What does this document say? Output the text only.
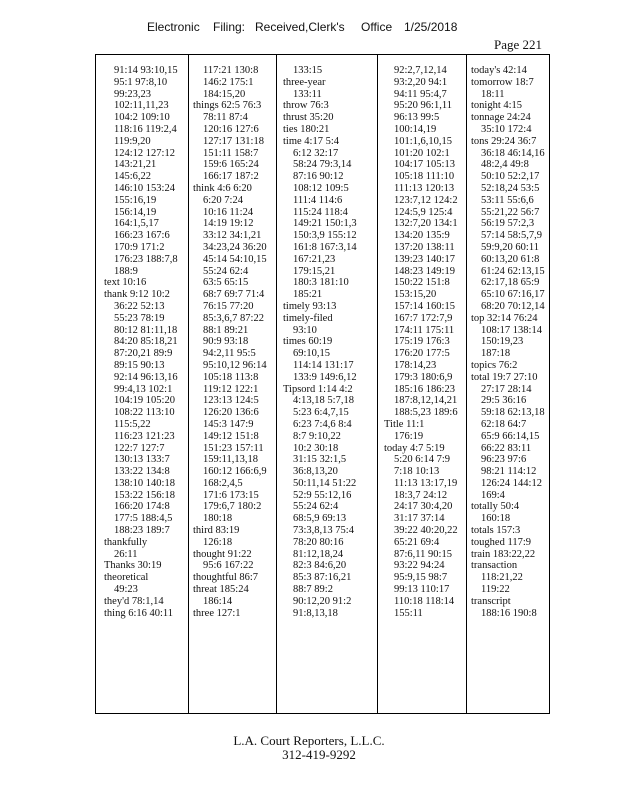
Electronic Filing: Received,Clerk's Office 1/25/2018
Page 221
91:14 93:10,15
95:1 97:8,10
99:23,23
102:11,11,23
104:2 109:10
118:16 119:2,4
119:9,20
124:12 127:12
143:21,21
145:6,22
146:10 153:24
155:16,19
156:14,19
164:1,5,17
166:23 167:6
170:9 171:2
176:23 188:7,8
188:9
text 10:16
thank 9:12 10:2
36:22 52:13
55:23 78:19
80:12 81:11,18
84:20 85:18,21
87:20,21 89:9
89:15 90:13
92:14 96:13,16
99:4,13 102:1
104:19 105:20
108:22 113:10
115:5,22
116:23 121:23
122:7 127:7
130:13 133:7
133:22 134:8
138:10 140:18
153:22 156:18
166:20 174:8
177:5 188:4,5
188:23 189:7
thankfully
26:11
Thanks 30:19
theoretical
49:23
they'd 78:1,14
thing 6:16 40:11
117:21 130:8
146:2 175:1
184:15,20
things 62:5 76:3
78:11 87:4
120:16 127:6
127:17 131:18
151:11 158:7
159:6 165:24
166:17 187:2
think 4:6 6:20
6:20 7:24
10:16 11:24
14:19 19:12
33:12 34:1,21
34:23,24 36:20
45:14 54:10,15
55:24 62:4
63:5 65:15
68:7 69:7 71:4
76:15 77:20
85:3,6,7 87:22
88:1 89:21
90:9 93:18
94:2,11 95:5
95:10,12 96:14
105:18 113:8
119:12 122:1
123:13 124:5
126:20 136:6
145:3 147:9
149:12 151:8
151:23 157:11
159:11,13,18
160:12 166:6,9
168:2,4,5
171:6 173:15
179:6,7 180:2
180:18
third 83:19
126:18
thought 91:22
95:6 167:22
thoughtful 86:7
threat 185:24
186:14
three 127:1
133:15
three-year
133:11
throw 76:3
thrust 35:20
ties 180:21
time 4:17 5:4
6:12 32:17
58:24 79:3,14
87:16 90:12
108:12 109:5
111:4 114:6
115:24 118:4
149:21 150:1,3
150:3,9 155:12
161:8 167:3,14
167:21,23
179:15,21
180:3 181:10
185:21
timely 93:13
timely-filed
93:10
times 60:19
69:10,15
114:14 131:17
133:9 149:6,12
Tipsord 1:14 4:2
4:13,18 5:7,18
5:23 6:4,7,15
6:23 7:4,6 8:4
8:7 9:10,22
10:2 30:18
31:15 32:1,5
36:8,13,20
50:11,14 51:22
52:9 55:12,16
55:24 62:4
68:5,9 69:13
73:3,8,13 75:4
78:20 80:16
81:12,18,24
82:3 84:6,20
85:3 87:16,21
88:7 89:2
90:12,20 91:2
91:8,13,18
92:2,7,12,14
93:2,20 94:1
94:11 95:4,7
95:20 96:1,11
96:13 99:5
100:14,19
101:1,6,10,15
101:20 102:1
104:17 105:13
105:18 111:10
111:13 120:13
123:7,12 124:2
124:5,9 125:4
132:7,20 134:1
134:20 135:9
137:20 138:11
139:23 140:17
148:23 149:19
150:22 151:8
153:15,20
157:14 160:15
167:7 172:7,9
174:11 175:11
175:19 176:3
176:20 177:5
178:14,23
179:3 180:6,9
185:16 186:23
187:8,12,14,21
188:5,23 189:6
Title 11:1
176:19
today 4:7 5:19
5:20 6:14 7:9
7:18 10:13
11:13 13:17,19
18:3,7 24:12
24:17 30:4,20
31:17 37:14
39:22 40:20,22
65:21 69:4
87:6,11 90:15
93:22 94:24
95:9,15 98:7
99:13 110:17
110:18 118:14
155:11
today's 42:14
tomorrow 18:7
18:11
tonight 4:15
tonnage 24:24
35:10 172:4
tons 29:24 36:7
36:18 46:14,16
48:2,4 49:8
50:10 52:2,17
52:18,24 53:5
53:11 55:6,6
55:21,22 56:7
56:19 57:2,3
57:14 58:5,7,9
59:9,20 60:11
60:13,20 61:8
61:24 62:13,15
62:17,18 65:9
65:10 67:16,17
68:20 70:12,14
top 32:14 76:24
108:17 138:14
150:19,23
187:18
topics 76:2
total 19:7 27:10
27:17 28:14
29:5 36:16
59:18 62:13,18
62:18 64:7
65:9 66:14,15
66:22 83:11
96:23 97:6
98:21 114:12
126:24 144:12
169:4
totally 50:4
160:18
totals 157:3
toughed 117:9
train 183:22,22
transaction
118:21,22
119:22
transcript
188:16 190:8
L.A. Court Reporters, L.L.C.
312-419-9292
